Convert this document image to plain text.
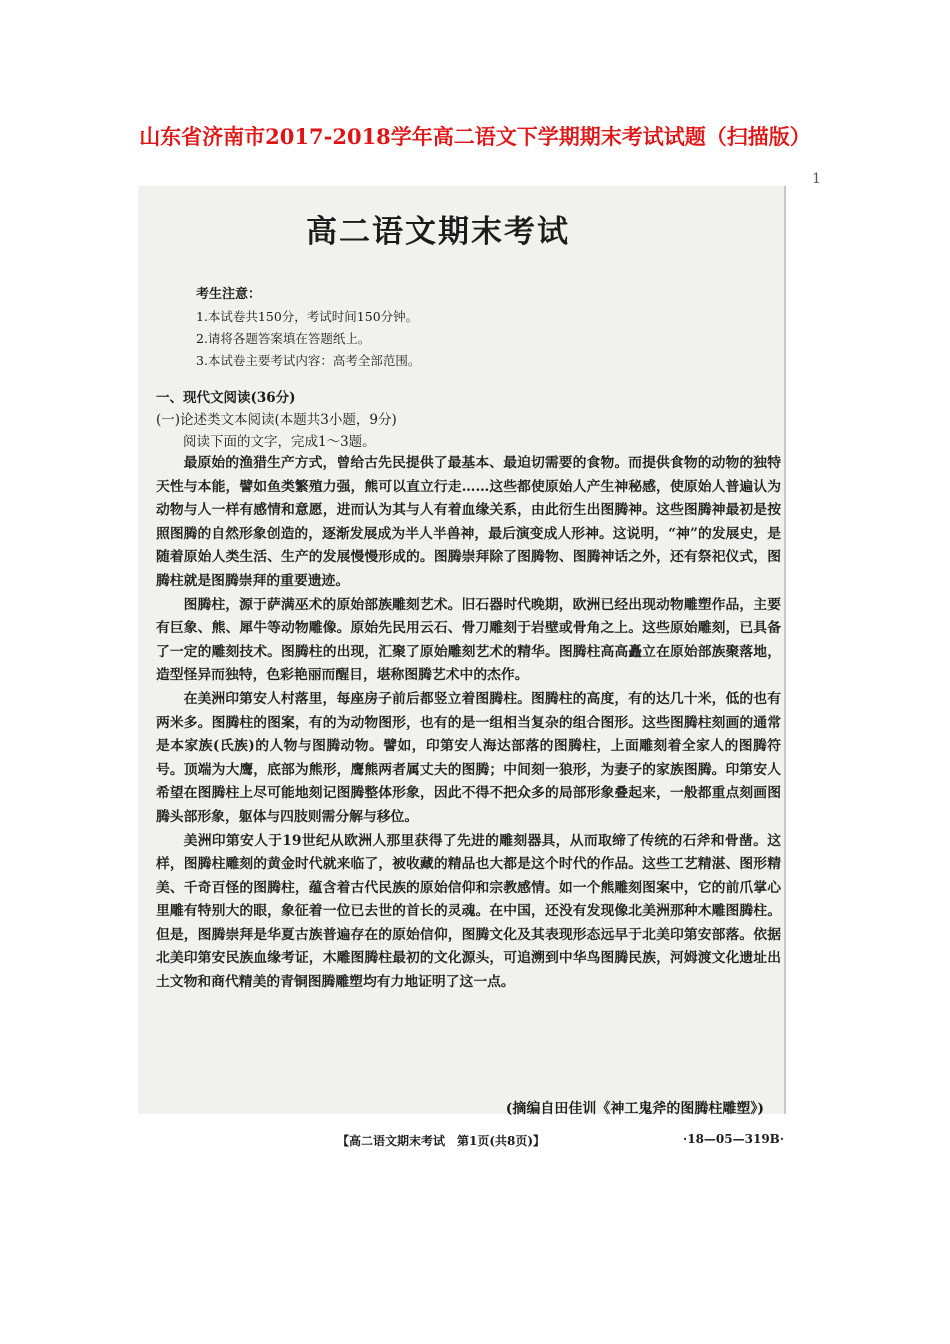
山东省济南市2017-2018学年高二语文下学期期末考试试题（扫描版）
1
高二语文期末考试
考生注意：
1.本试卷共150分，考试时间150分钟。
2.请将各题答案填在答题纸上。
3.本试卷主要考试内容：高考全部范围。
一、现代文阅读(36分)
(一)论述类文本阅读(本题共3小题，9分)
阅读下面的文字，完成1～3题。

最原始的渔猎生产方式，曾给古先民提供了最基本、最迫切需要的食物。而提供食物的动物的独特天性与本能，譬如鱼类繁殖力强，熊可以直立行走……这些都使原始人产生神秘感，使原始人普遍认为动物与人一样有感情和意愿，进而认为其与人有着血缘关系，由此衍生出图腾神。这些图腾神最初是按照图腾的自然形象创造的，逐渐发展成为半人半兽神，最后演变成人形神。这说明，“神”的发展史，是随着原始人类生活、生产的发展慢慢形成的。图腾崇拜除了图腾物、图腾神话之外，还有祭祀仪式，图腾柱就是图腾崇拜的重要遗迹。

图腾柱，源于萨满巫术的原始部族雕刻艺术。旧石器时代晚期，欧洲已经出现动物雕塑作品，主要有巨象、熊、犀牛等动物雕像。原始先民用云石、骨刀雕刻于岩壁或骨角之上。这些原始雕刻，已具备了一定的雕刻技术。图腾柱的出现，汇聚了原始雕刻艺术的精华。图腾柱高高矗立在原始部族聚落地，造型怪异而独特，色彩艳丽而醒目，堪称图腾艺术中的杰作。

在美洲印第安人村落里，每座房子前后都竖立着图腾柱。图腾柱的高度，有的达几十米，低的也有两米多。图腾柱的图案，有的为动物图形，也有的是一组相当复杂的组合图形。这些图腾柱刻画的通常是本家族(氏族)的人物与图腾动物。譬如，印第安人海达部落的图腾柱，上面雕刻着全家人的图腾符号。顶端为大鹰，底部为熊形，鹰熊两者属丈夫的图腾；中间刻一狼形，为妻子的家族图腾。印第安人希望在图腾柱上尽可能地刻记图腾整体形象，因此不得不把众多的局部形象叠起来，一般都重点刻画图腾头部形象，躯体与四肢则需分解与移位。

美洲印第安人于19世纪从欧洲人那里获得了先进的雕刻器具，从而取缔了传统的石斧和骨凿。这样，图腾柱雕刻的黄金时代就来临了，被收藏的精品也大都是这个时代的作品。这些工艺精湛、图形精美、千奇百怪的图腾柱，蕴含着古代民族的原始信仰和宗教感情。如一个熊雕刻图案中，它的前爪掌心里雕有特别大的眼，象征着一位已去世的首长的灵魂。在中国，还没有发现像北美洲那种木雕图腾柱。但是，图腾崇拜是华夏古族普遍存在的原始信仰，图腾文化及其表现形态远早于北美印第安部落。依据北美印第安民族血缘考证，木雕图腾柱最初的文化源头，可追溯到中华鸟图腾民族，河姆渡文化遗址出土文物和商代精美的青铜图腾雕塑均有力地证明了这一点。

(摘编自田佳训《神工鬼斧的图腾柱雕塑》)
【高二语文期末考试　第1页(共8页)】	·18—05—319B·
